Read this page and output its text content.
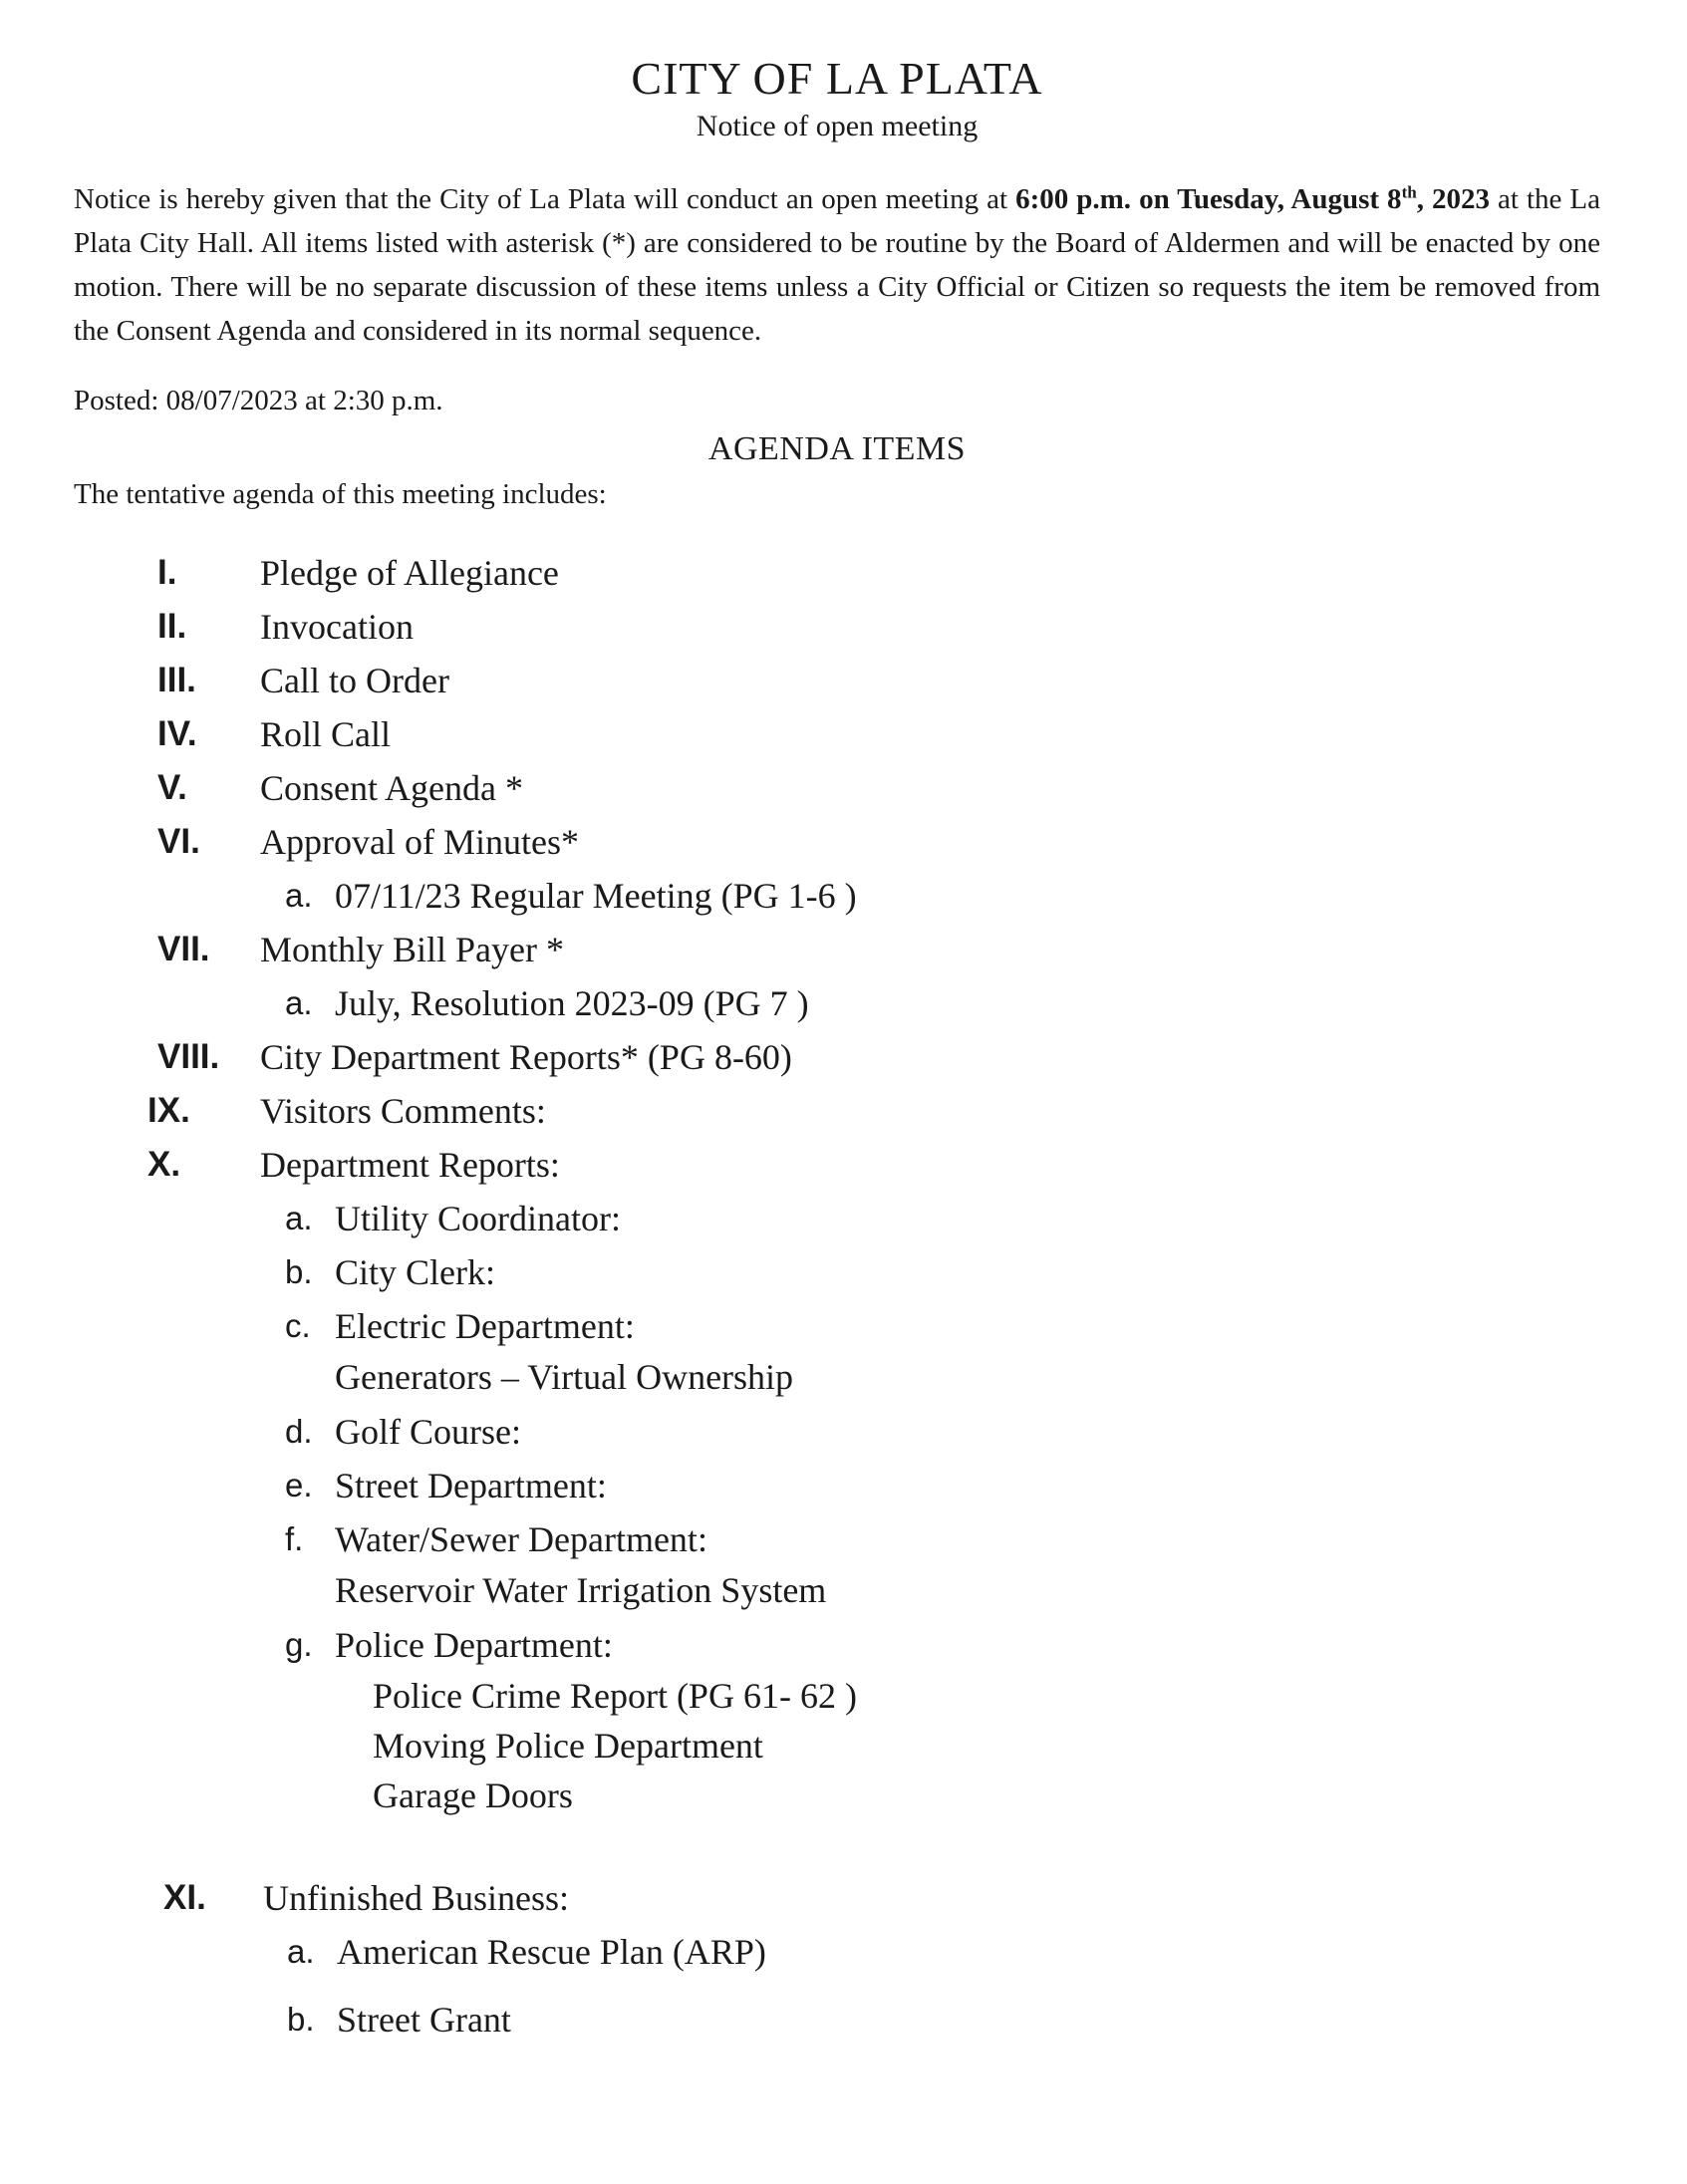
CITY OF LA PLATA
Notice of open meeting

Notice is hereby given that the City of La Plata will conduct an open meeting at 6:00 p.m. on Tuesday, August 8th, 2023 at the La Plata City Hall. All items listed with asterisk (*) are considered to be routine by the Board of Aldermen and will be enacted by one motion. There will be no separate discussion of these items unless a City Official or Citizen so requests the item be removed from the Consent Agenda and considered in its normal sequence.

Posted: 08/07/2023 at 2:30 p.m.
AGENDA ITEMS
The tentative agenda of this meeting includes:
I. Pledge of Allegiance
II. Invocation
III. Call to Order
IV. Roll Call
V. Consent Agenda *
VI. Approval of Minutes*
a. 07/11/23 Regular Meeting (PG 1-6 )
VII. Monthly Bill Payer *
a. July, Resolution 2023-09 (PG 7 )
VIII. City Department Reports* (PG 8-60)
IX. Visitors Comments:
X. Department Reports:
a. Utility Coordinator:
b. City Clerk:
c. Electric Department:
Generators – Virtual Ownership
d. Golf Course:
e. Street Department:
f. Water/Sewer Department:
Reservoir Water Irrigation System
g. Police Department:
Police Crime Report (PG 61- 62 )
Moving Police Department
Garage Doors
XI. Unfinished Business:
a. American Rescue Plan (ARP)
b. Street Grant
